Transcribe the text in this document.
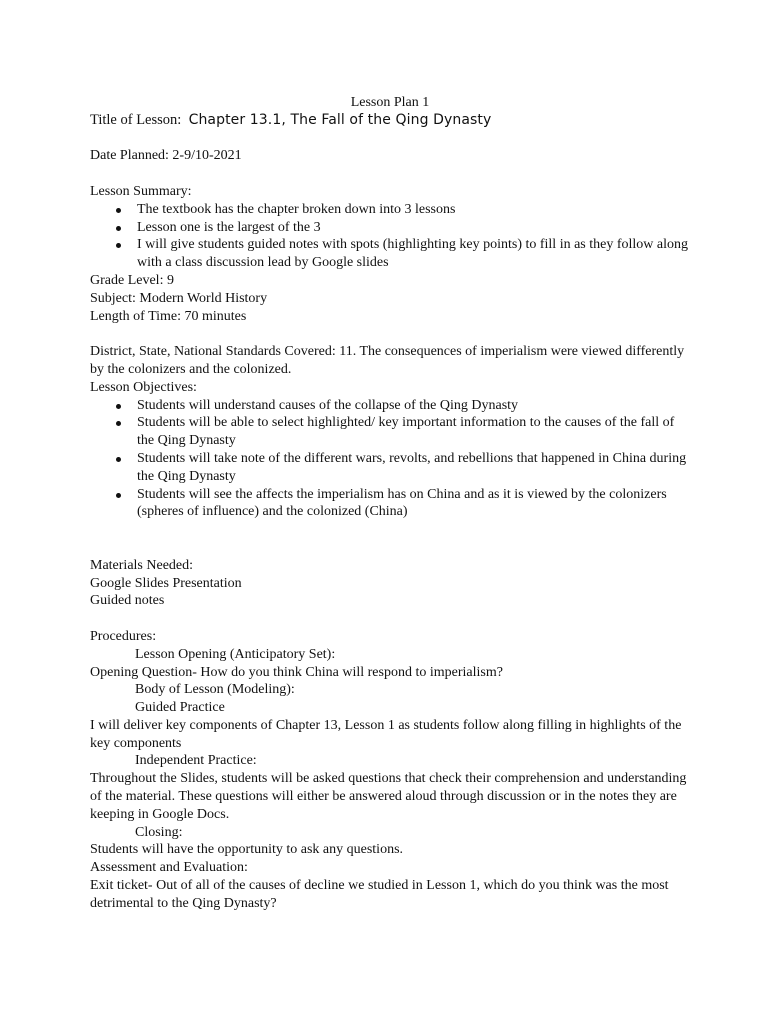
Lesson Plan 1
Title of Lesson: Chapter 13.1, The Fall of the Qing Dynasty
Date Planned: 2-9/10-2021
Lesson Summary:
The textbook has the chapter broken down into 3 lessons
Lesson one is the largest of the 3
I will give students guided notes with spots (highlighting key points) to fill in as they follow along with a class discussion lead by Google slides
Grade Level: 9
Subject: Modern World History
Length of Time: 70 minutes
District, State, National Standards Covered: 11. The consequences of imperialism were viewed differently by the colonizers and the colonized.
Lesson Objectives:
Students will understand causes of the collapse of the Qing Dynasty
Students will be able to select highlighted/ key important information to the causes of the fall of the Qing Dynasty
Students will take note of the different wars, revolts, and rebellions that happened in China during the Qing Dynasty
Students will see the affects the imperialism has on China and as it is viewed by the colonizers (spheres of influence) and the colonized (China)
Materials Needed:
Google Slides Presentation
Guided notes
Procedures:
Lesson Opening (Anticipatory Set):
Opening Question- How do you think China will respond to imperialism?
Body of Lesson (Modeling):
Guided Practice
I will deliver key components of Chapter 13, Lesson 1 as students follow along filling in highlights of the key components
Independent Practice:
Throughout the Slides, students will be asked questions that check their comprehension and understanding of the material. These questions will either be answered aloud through discussion or in the notes they are keeping in Google Docs.
Closing:
Students will have the opportunity to ask any questions.
Assessment and Evaluation:
Exit ticket- Out of all of the causes of decline we studied in Lesson 1, which do you think was the most detrimental to the Qing Dynasty?
